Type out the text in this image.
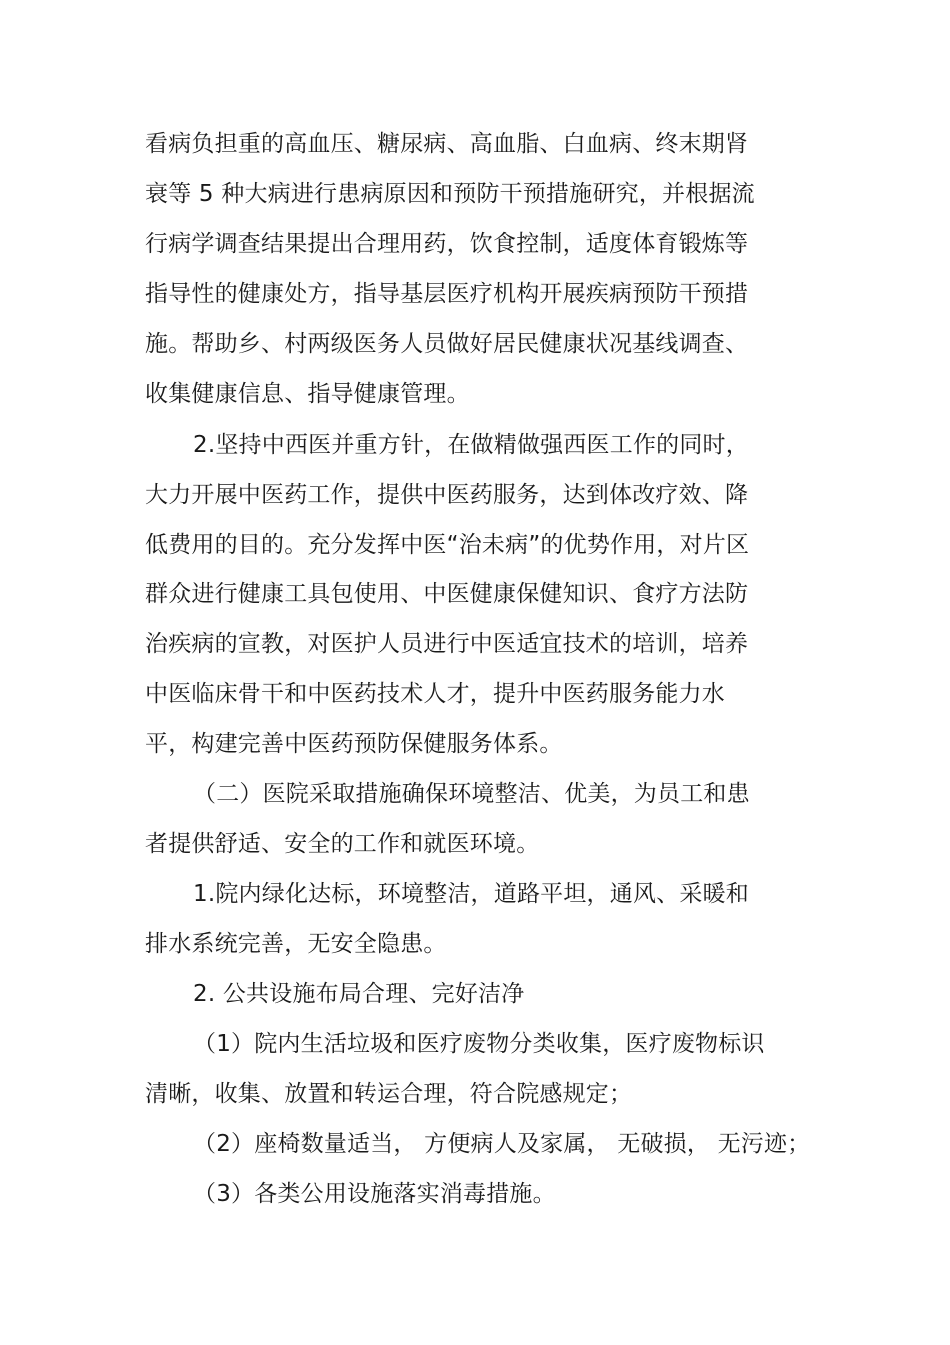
看病负担重的高血压、糖尿病、高血脂、白血病、终末期肾
衰等 5 种大病进行患病原因和预防干预措施研究，并根据流
行病学调查结果提出合理用药，饮食控制，适度体育锻炼等
指导性的健康处方，指导基层医疗机构开展疾病预防干预措
施。帮助乡、村两级医务人员做好居民健康状况基线调查、
收集健康信息、指导健康管理。
2.坚持中西医并重方针，在做精做强西医工作的同时，
大力开展中医药工作，提供中医药服务，达到体改疗效、降
低费用的目的。充分发挥中医“治未病”的优势作用，对片区
群众进行健康工具包使用、中医健康保健知识、食疗方法防
治疾病的宣教，对医护人员进行中医适宜技术的培训，培养
中医临床骨干和中医药技术人才，提升中医药服务能力水
平，构建完善中医药预防保健服务体系。
（二）医院采取措施确保环境整洁、优美，为员工和患
者提供舒适、安全的工作和就医环境。
1.院内绿化达标，环境整洁，道路平坦，通风、采暖和
排水系统完善，无安全隐患。
2. 公共设施布局合理、完好洁净
（1）院内生活垃圾和医疗废物分类收集，医疗废物标识
清晰，收集、放置和转运合理，符合院感规定；
（2）座椅数量适当， 方便病人及家属， 无破损， 无污迹；
（3）各类公用设施落实消毒措施。
